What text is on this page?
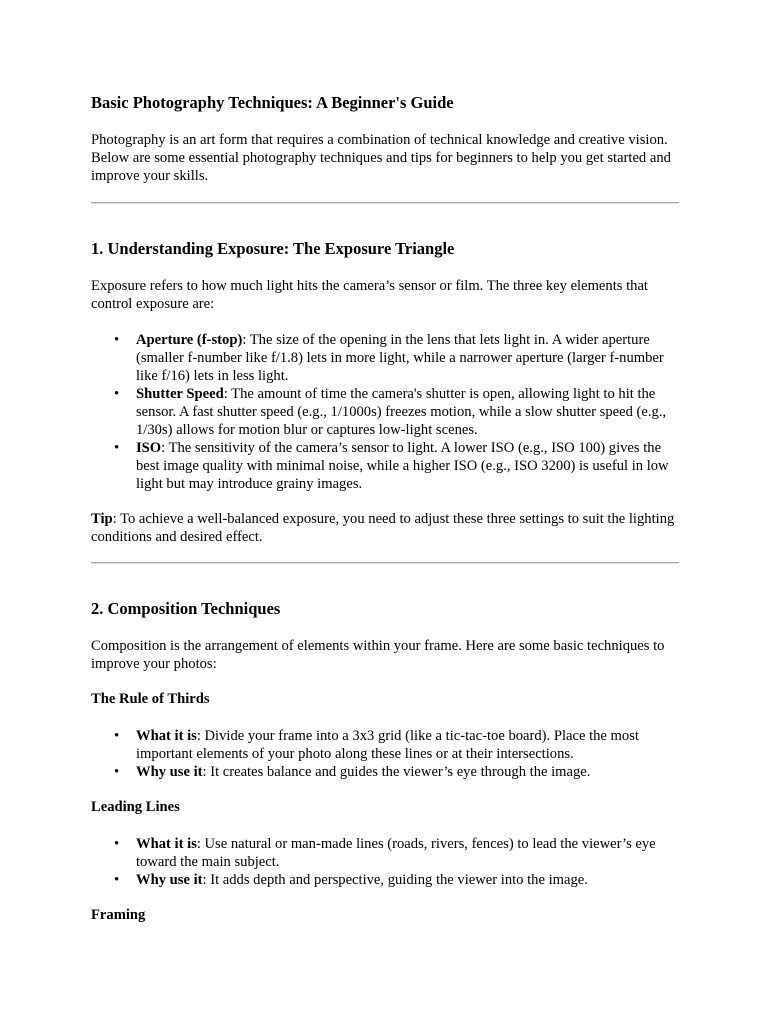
Basic Photography Techniques: A Beginner's Guide

Photography is an art form that requires a combination of technical knowledge and creative vision. Below are some essential photography techniques and tips for beginners to help you get started and improve your skills.

1. Understanding Exposure: The Exposure Triangle

Exposure refers to how much light hits the camera’s sensor or film. The three key elements that control exposure are:

• Aperture (f-stop): The size of the opening in the lens that lets light in. A wider aperture (smaller f-number like f/1.8) lets in more light, while a narrower aperture (larger f-number like f/16) lets in less light.
• Shutter Speed: The amount of time the camera's shutter is open, allowing light to hit the sensor. A fast shutter speed (e.g., 1/1000s) freezes motion, while a slow shutter speed (e.g., 1/30s) allows for motion blur or captures low-light scenes.
• ISO: The sensitivity of the camera’s sensor to light. A lower ISO (e.g., ISO 100) gives the best image quality with minimal noise, while a higher ISO (e.g., ISO 3200) is useful in low light but may introduce grainy images.

Tip: To achieve a well-balanced exposure, you need to adjust these three settings to suit the lighting conditions and desired effect.

2. Composition Techniques

Composition is the arrangement of elements within your frame. Here are some basic techniques to improve your photos:

The Rule of Thirds
• What it is: Divide your frame into a 3x3 grid (like a tic-tac-toe board). Place the most important elements of your photo along these lines or at their intersections.
• Why use it: It creates balance and guides the viewer’s eye through the image.
Leading Lines
• What it is: Use natural or man-made lines (roads, rivers, fences) to lead the viewer’s eye toward the main subject.
• Why use it: It adds depth and perspective, guiding the viewer into the image.
Framing
